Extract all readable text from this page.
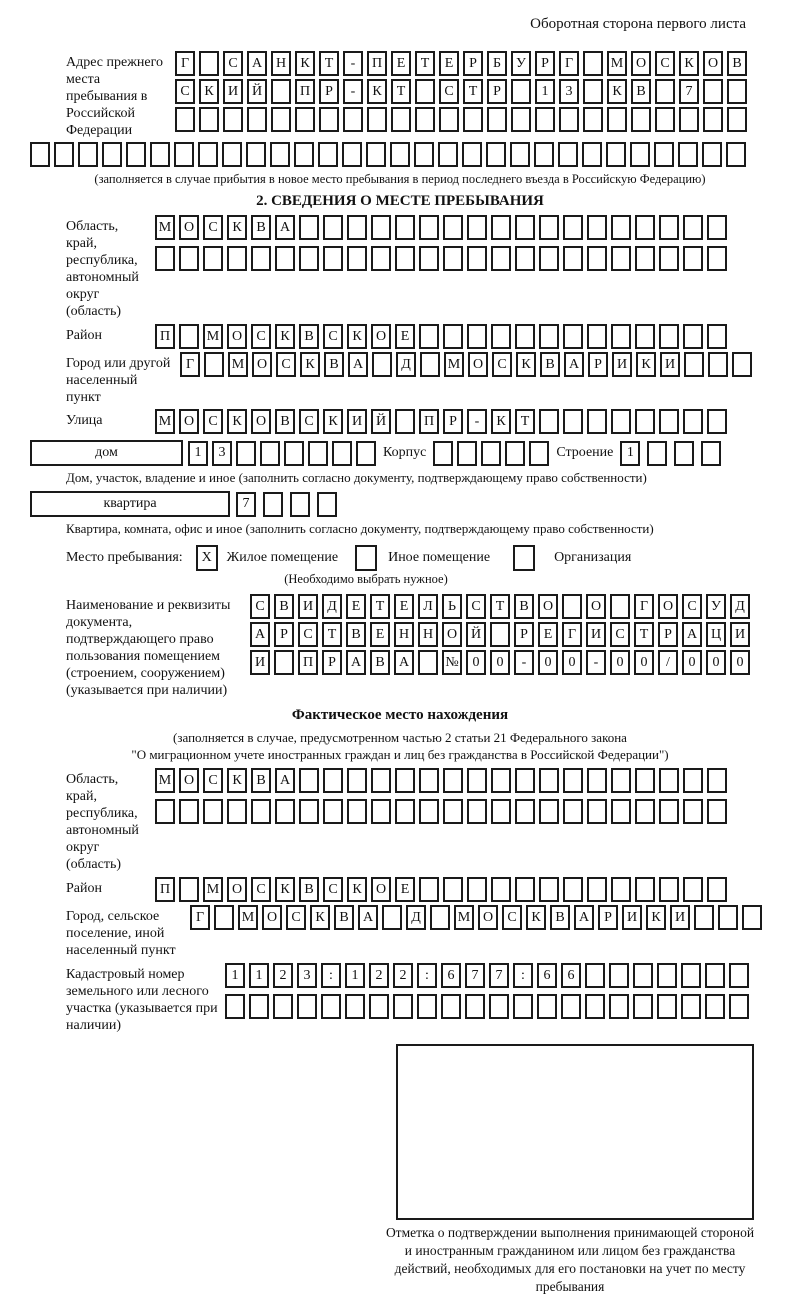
Оборотная сторона первого листа
Адрес прежнего места пребывания в Российской Федерации
Г	С	А Н	К	Т	-	П	Е	Т	Е	Р	Б	У	Р	Г	М О	С	К	О	В
С	К	И Й	П	Р	-	К	Т	С	Т	Р	1	3	К	В	7
(заполняется в случае прибытия в новое место пребывания в период последнего въезда в Российскую Федерацию)
2. СВЕДЕНИЯ О МЕСТЕ ПРЕБЫВАНИЯ
Область, край, республика, автономный округ (область)
М О	С	К	В	А
Район	П	М О	С	К	В	С	К	О	Е
Город или другой населенный пункт
Г	М О	С	К	В	А	Д	М О	С	К	В	А	Р	И	К	И
Улица	М О	С	К	О	В	С	К	И Й	П	Р	-	К	Т
дом	1	3	Корпус	Строение 1
Дом, участок, владение и иное (заполнить согласно документу, подтверждающему право собственности)
квартира	7
Квартира, комната, офис и иное (заполнить согласно документу, подтверждающему право собственности)
Место пребывания:	X	Жилое помещение	Иное помещение	Организация
(Необходимо выбрать нужное)
Наименование и реквизиты документа, подтверждающего право пользования помещением (строением, сооружением) (указывается при наличии)
С	В	И	Д	Е	Т	Е	Л	Ь	С	Т	В	О	О	Г	О	С	У	Д
А	Р	С	Т	В	Е	Н Н О Й	Р	Е	Г	И	С	Т	Р	А Ц И
И	П	Р	А	В	А	№ 0	0	-	0	0	-	0	0	/	0	0	0
Фактическое место нахождения
(заполняется в случае, предусмотренном частью 2 статьи 21 Федерального закона
"О миграционном учете иностранных граждан и лиц без гражданства в Российской Федерации")
Область, край, республика, автономный округ (область)
М О	С	К	В	А
Район	П	М О	С	К	В	С	К	О	Е
Город, сельское поселение, иной населенный пункт
Г	М О	С	К	В	А	Д	М О	С	К	В	А	Р	И	К	И
Кадастровый номер земельного или лесного участка (указывается при наличии)
1	1	2	3	:	1	2	2	:	6	7	7	:	6	6
Отметка о подтверждении выполнения принимающей стороной и иностранным гражданином или лицом без гражданства действий, необходимых для его постановки на учет по месту пребывания
